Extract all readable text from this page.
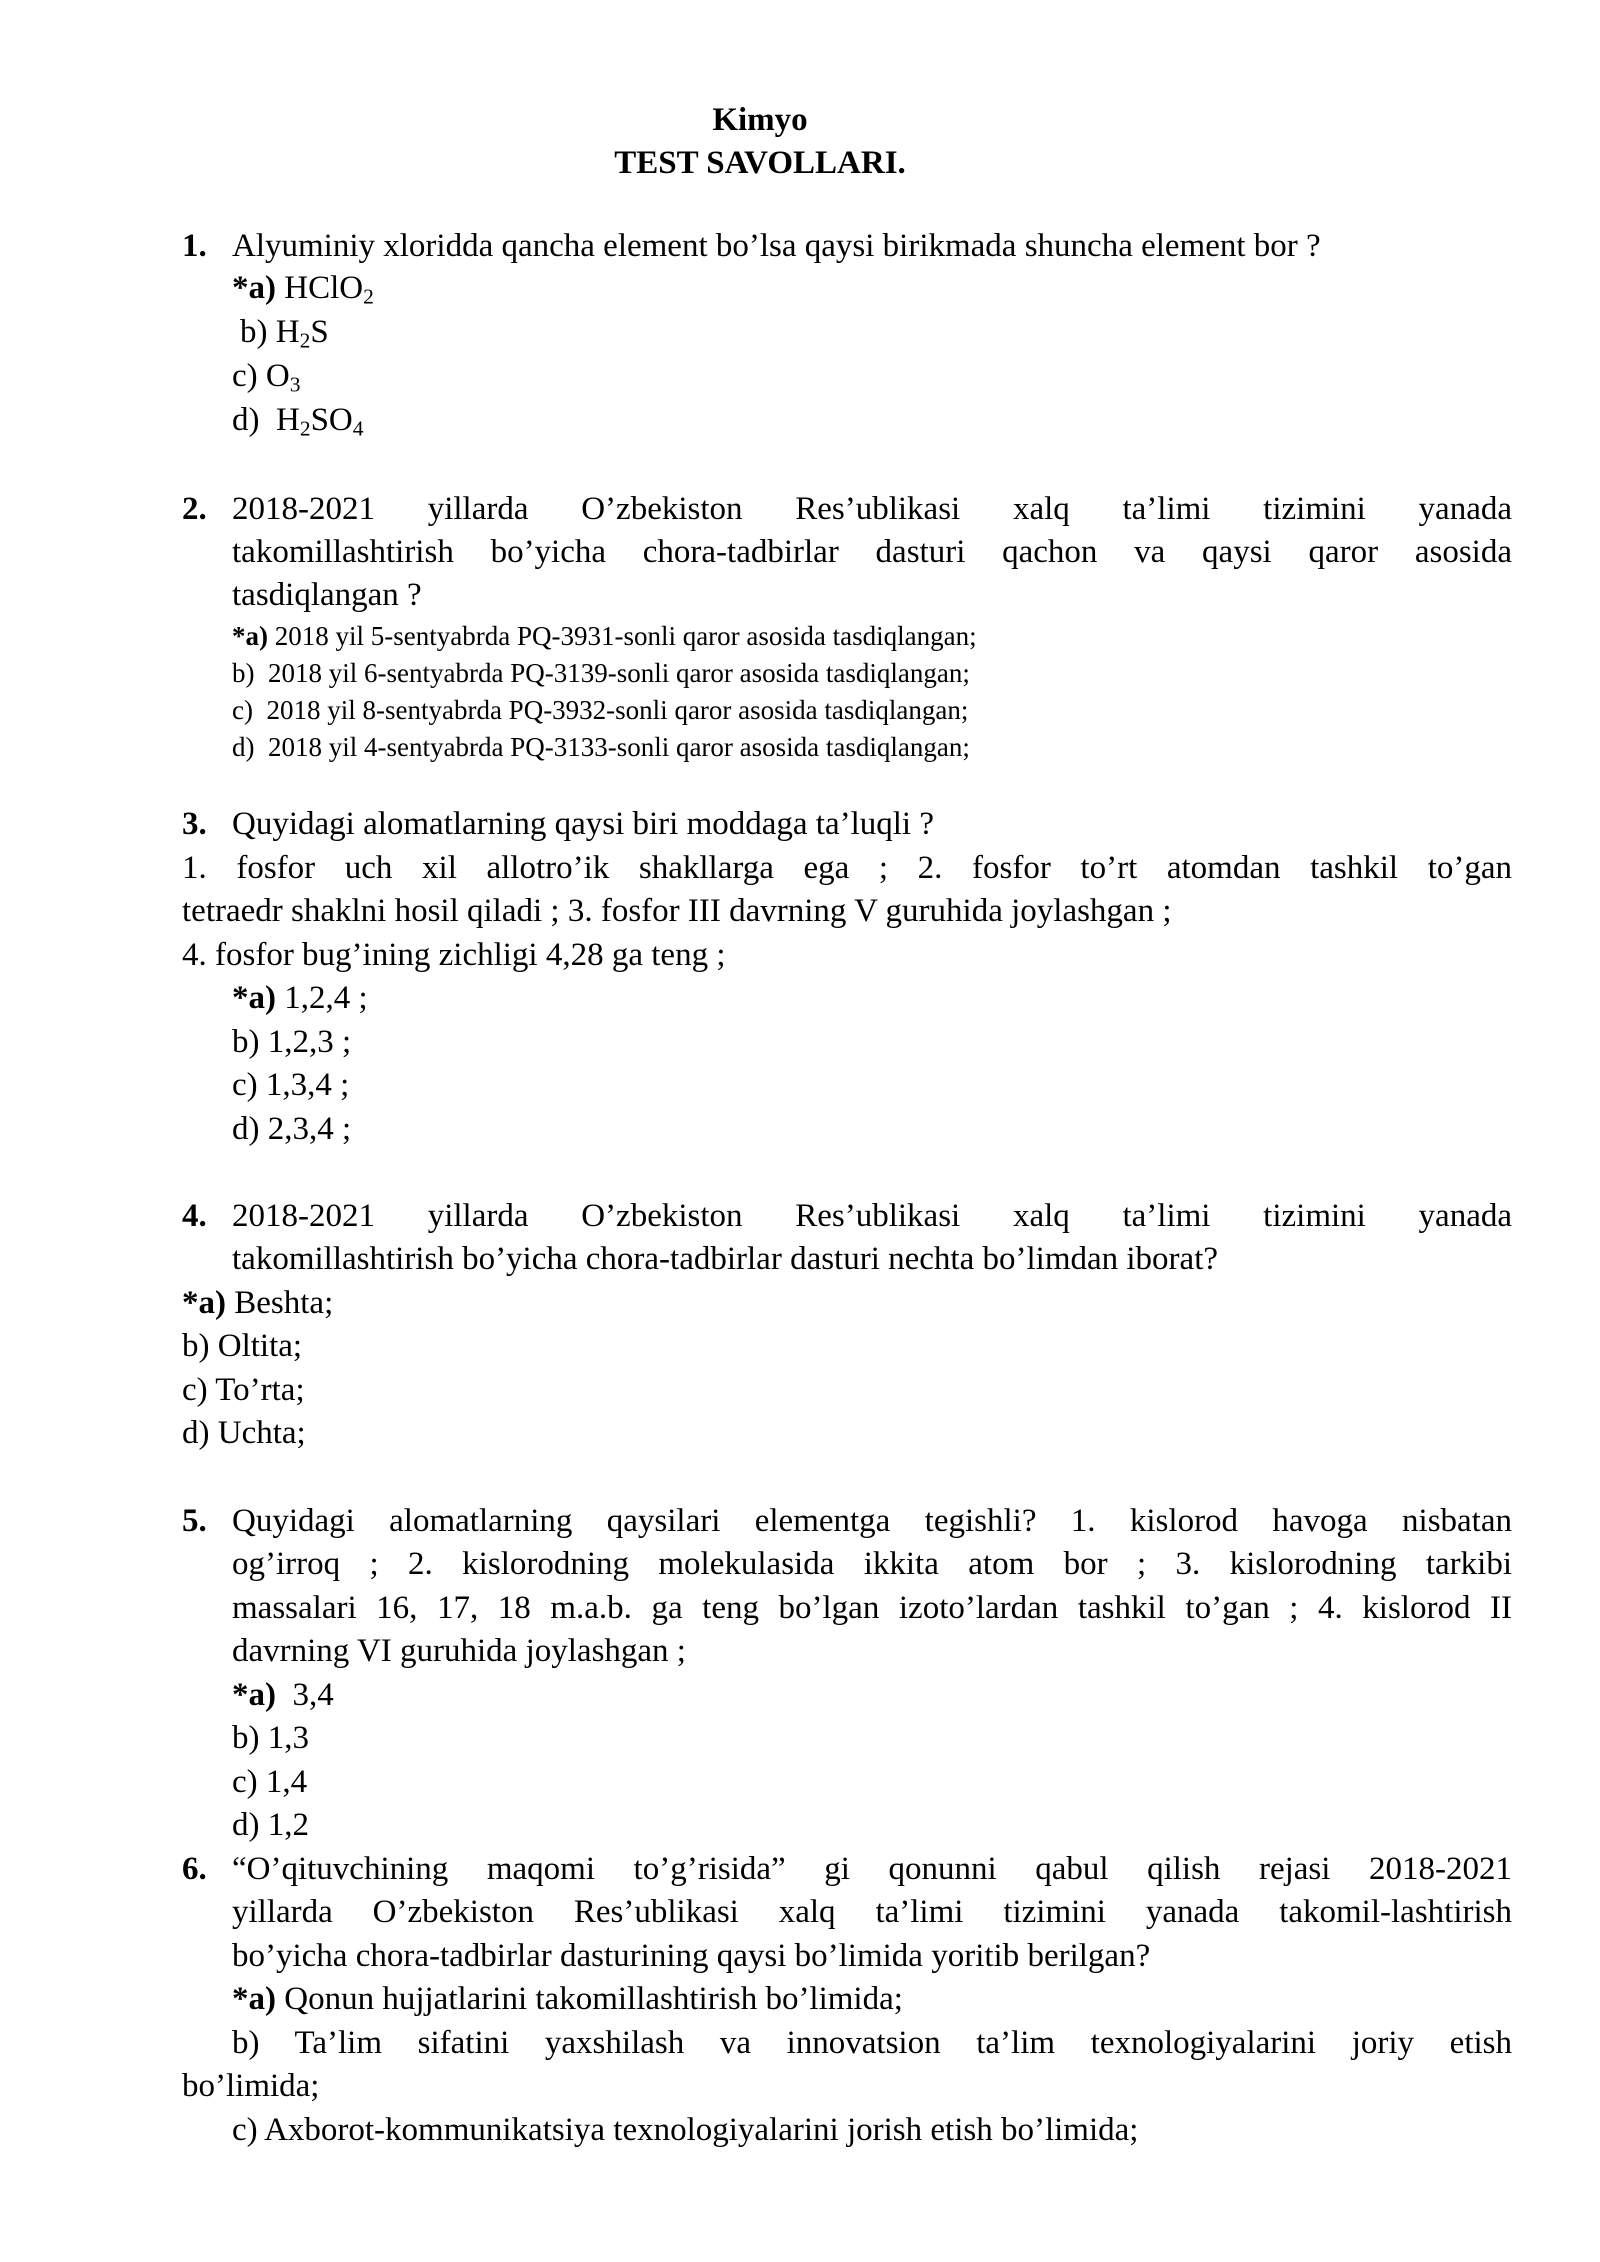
Kimyo
TEST SAVOLLARI.
1. Alyuminiy xloridda qancha element bo’lsa qaysi birikmada shuncha element bor ?
*a) HClO$_2$
b) $H_2S$
c) $O_3$
d) $H_2SO_4$
2. 2018-2021 yillarda O’zbekiston Res’ublikasi xalq ta’limi tizimini yanada
takomillashtirish bo’yicha chora-tadbirlar dasturi qachon va qaysi qaror asosida
tasdiqlangan ?
*a) 2018 yil 5-sentyabrda PQ-3931-sonli qaror asosida tasdiqlangan;
b) 2018 yil 6-sentyabrda PQ-3139-sonli qaror asosida tasdiqlangan;
c) 2018 yil 8-sentyabrda PQ-3932-sonli qaror asosida tasdiqlangan;
d) 2018 yil 4-sentyabrda PQ-3133-sonli qaror asosida tasdiqlangan;
3. Quyidagi alomatlarning qaysi biri moddaga ta’luqli ?
1. fosfor uch xil allotro’ik shakllarga ega ; 2. fosfor to’rt atomdan tashkil to’gan
tetraedr shaklni hosil qiladi ; 3. fosfor III davrning V guruhida joylashgan ;
4. fosfor bug’ining zichligi 4,28 ga teng ;
*a) 1,2,4 ;
b) 1,2,3 ;
c) 1,3,4 ;
d) 2,3,4 ;
4. 2018-2021 yillarda O’zbekiston Res’ublikasi xalq ta’limi tizimini yanada
takomillashtirish bo’yicha chora-tadbirlar dasturi nechta bo’limdan iborat?
*a) Beshta;
b) Oltita;
c) To’rta;
d) Uchta;
5. Quyidagi alomatlarning qaysilari elementga tegishli? 1. kislorod havoga nisbatan
og’irroq ; 2. kislorodning molekulasida ikkita atom bor ; 3. kislorodning tarkibi
massalari 16, 17, 18 m.a.b. ga teng bo’lgan izoto’lardan tashkil to’gan ; 4. kislorod II
davrning VI guruhida joylashgan ;
*a) 3,4
b) 1,3
c) 1,4
d) 1,2
6. “O’qituvchining maqomi to’g’risida” gi qonunni qabul qilish rejasi 2018-2021
yillarda O’zbekiston Res’ublikasi xalq ta’limi tizimini yanada takomil-lashtirish
bo’yicha chora-tadbirlar dasturining qaysi bo’limida yoritib berilgan?
*a) Qonun hujjatlarini takomillashtirish bo’limida;
b) Ta’lim sifatini yaxshilash va innovatsion ta’lim texnologiyalarini joriy etish
bo’limida;
c) Axborot-kommunikatsiya texnologiyalarini jorish etish bo’limida;
